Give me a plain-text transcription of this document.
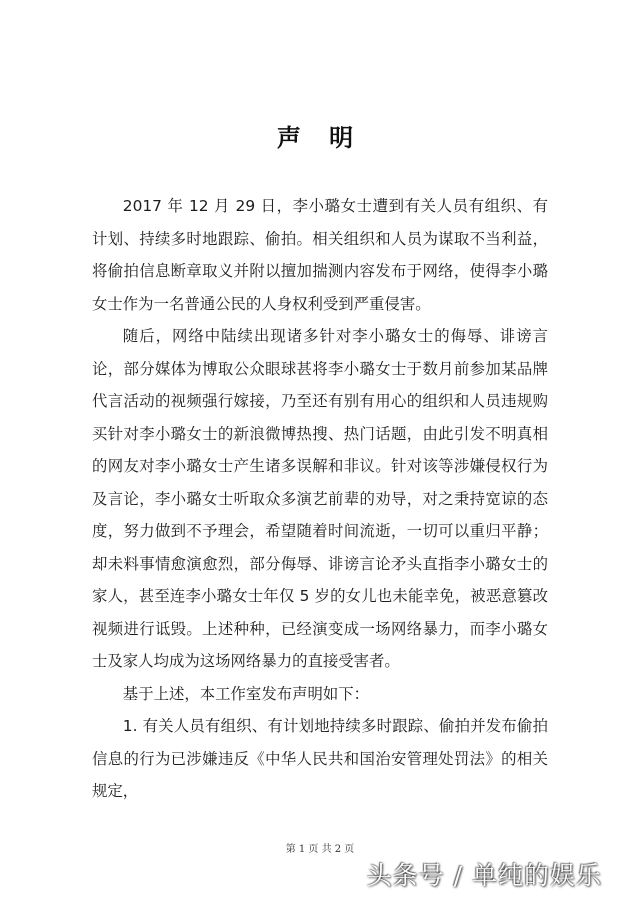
声 明

2017 年 12 月 29 日，李小璐女士遭到有关人员有组织、有计划、持续多时地跟踪、偷拍。相关组织和人员为谋取不当利益，将偷拍信息断章取义并附以擅加揣测内容发布于网络，使得李小璐女士作为一名普通公民的人身权利受到严重侵害。

随后，网络中陆续出现诸多针对李小璐女士的侮辱、诽谤言论，部分媒体为博取公众眼球甚将李小璐女士于数月前参加某品牌代言活动的视频强行嫁接，乃至还有别有用心的组织和人员违规购买针对李小璐女士的新浪微博热搜、热门话题，由此引发不明真相的网友对李小璐女士产生诸多误解和非议。针对该等涉嫌侵权行为及言论，李小璐女士听取众多演艺前辈的劝导，对之秉持宽谅的态度，努力做到不予理会，希望随着时间流逝，一切可以重归平静；却未料事情愈演愈烈，部分侮辱、诽谤言论矛头直指李小璐女士的家人，甚至连李小璐女士年仅 5 岁的女儿也未能幸免，被恶意篡改视频进行诋毁。上述种种，已经演变成一场网络暴力，而李小璐女士及家人均成为这场网络暴力的直接受害者。

基于上述，本工作室发布声明如下：

1. 有关人员有组织、有计划地持续多时跟踪、偷拍并发布偷拍信息的行为已涉嫌违反《中华人民共和国治安管理处罚法》的相关规定，

第 1 页 共 2 页
头条号 / 单纯的娱乐
